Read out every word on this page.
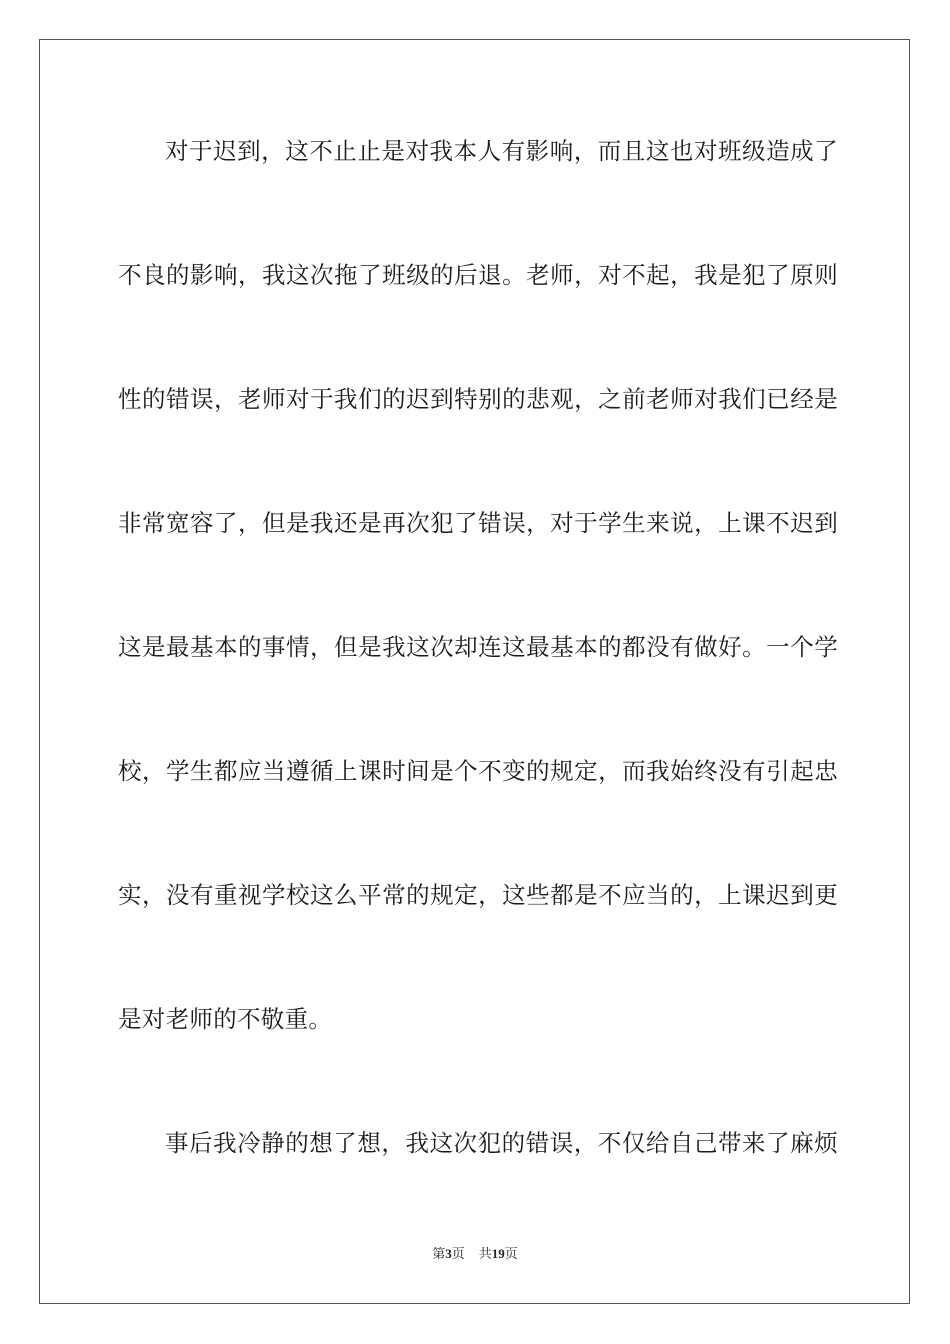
对于迟到，这不止止是对我本人有影响，而且这也对班级造成了
不良的影响，我这次拖了班级的后退。老师，对不起，我是犯了原则
性的错误，老师对于我们的迟到特别的悲观，之前老师对我们已经是
非常宽容了，但是我还是再次犯了错误，对于学生来说，上课不迟到
这是最基本的事情，但是我这次却连这最基本的都没有做好。一个学
校，学生都应当遵循上课时间是个不变的规定，而我始终没有引起忠
实，没有重视学校这么平常的规定，这些都是不应当的，上课迟到更
是对老师的不敬重。
事后我冷静的想了想，我这次犯的错误，不仅给自己带来了麻烦
第3页 共19页
